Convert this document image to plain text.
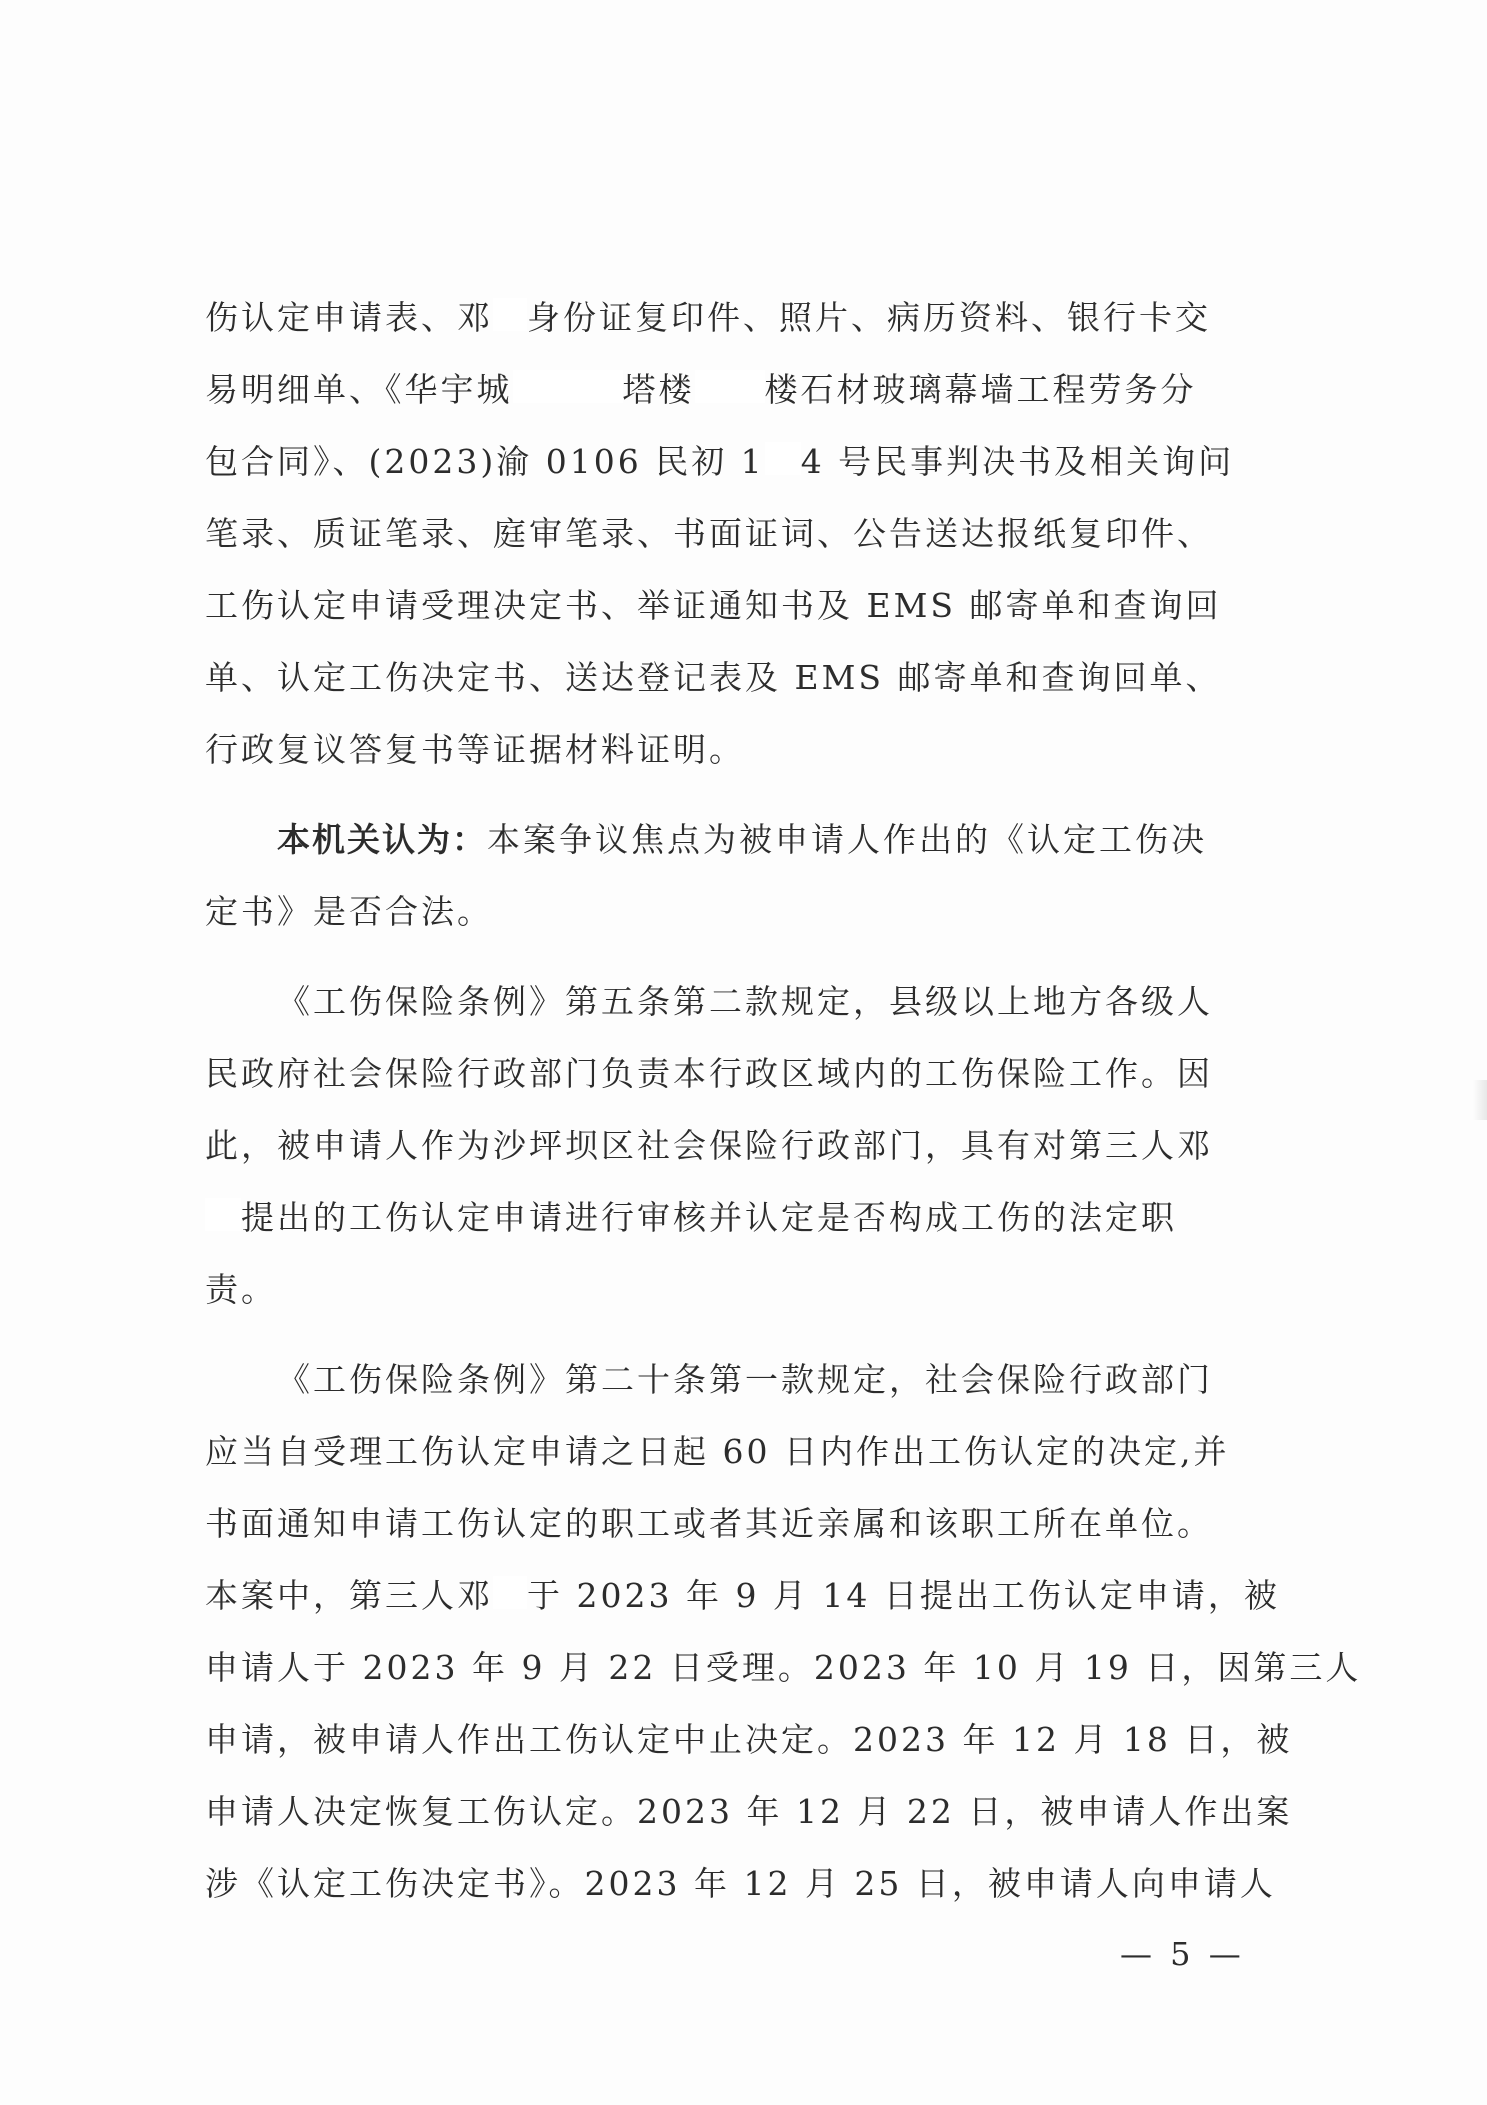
伤认定申请表、邓 身份证复印件、照片、病历资料、银行卡交
易明细单、《华宇城	塔楼 楼石材玻璃幕墙工程劳务分
包合同》、(2023)渝 0106 民初 1 4 号民事判决书及相关询问
笔录、质证笔录、庭审笔录、书面证词、公告送达报纸复印件、
工伤认定申请受理决定书、举证通知书及 EMS 邮寄单和查询回
单、认定工伤决定书、送达登记表及 EMS 邮寄单和查询回单、
行政复议答复书等证据材料证明。
本机关认为：本案争议焦点为被申请人作出的《认定工伤决
定书》是否合法。
《工伤保险条例》第五条第二款规定，县级以上地方各级人
民政府社会保险行政部门负责本行政区域内的工伤保险工作。因
此，被申请人作为沙坪坝区社会保险行政部门，具有对第三人邓
提出的工伤认定申请进行审核并认定是否构成工伤的法定职
责。
《工伤保险条例》第二十条第一款规定，社会保险行政部门
应当自受理工伤认定申请之日起 60 日内作出工伤认定的决定,并
书面通知申请工伤认定的职工或者其近亲属和该职工所在单位。
本案中，第三人邓 于 2023 年 9 月 14 日提出工伤认定申请，被
申请人于 2023 年 9 月 22 日受理。2023 年 10 月 19 日，因第三人
申请，被申请人作出工伤认定中止决定。2023 年 12 月 18 日，被
申请人决定恢复工伤认定。2023 年 12 月 22 日，被申请人作出案
涉《认定工伤决定书》。2023 年 12 月 25 日，被申请人向申请人
— 5 —
